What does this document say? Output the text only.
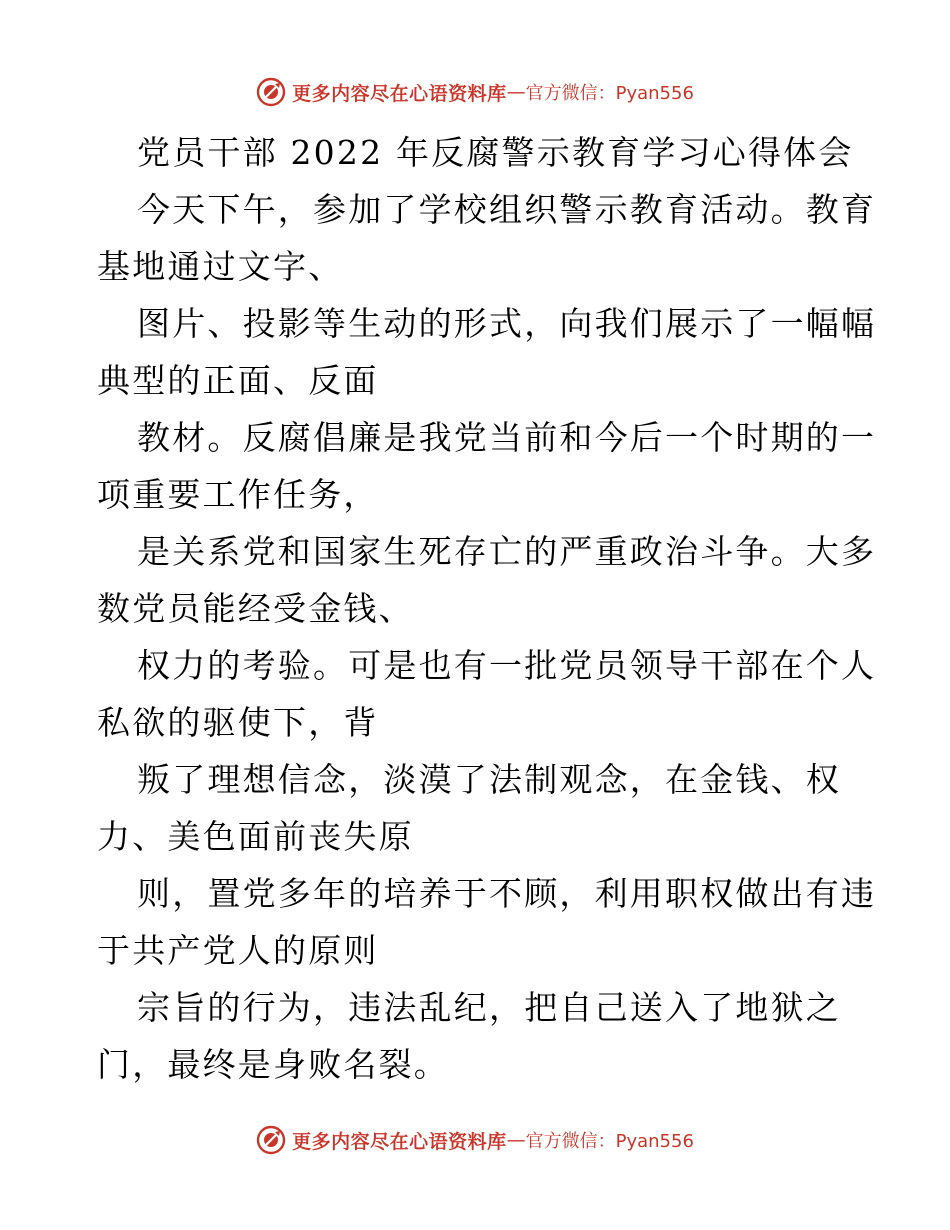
更多内容尽在心语资料库 — 官方微信：Pyan556
党员干部 2022 年反腐警示教育学习心得体会
今天下午，参加了学校组织警示教育活动。教育
基地通过文字、
图片、投影等生动的形式，向我们展示了一幅幅
典型的正面、反面
教材。反腐倡廉是我党当前和今后一个时期的一
项重要工作任务，
是关系党和国家生死存亡的严重政治斗争。大多
数党员能经受金钱、
权力的考验。可是也有一批党员领导干部在个人
私欲的驱使下，背
叛了理想信念，淡漠了法制观念，在金钱、权
力、美色面前丧失原
则，置党多年的培养于不顾，利用职权做出有违
于共产党人的原则
宗旨的行为，违法乱纪，把自己送入了地狱之
门，最终是身败名裂。
更多内容尽在心语资料库 — 官方微信：Pyan556
